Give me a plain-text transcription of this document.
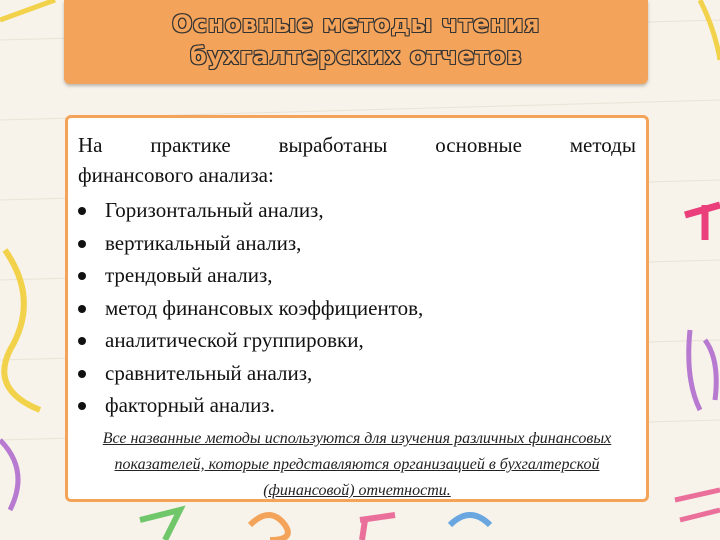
Основные методы чтения
бухгалтерских отчетов
На практике выработаны основные методы
финансового анализа:
Горизонтальный анализ,
вертикальный анализ,
трендовый анализ,
метод финансовых коэффициентов,
аналитической группировки,
сравнительный анализ,
факторный анализ.
Все названные методы используются для изучения различных финансовых показателей, которые представляются организацией в бухгалтерской (финансовой) отчетности.
